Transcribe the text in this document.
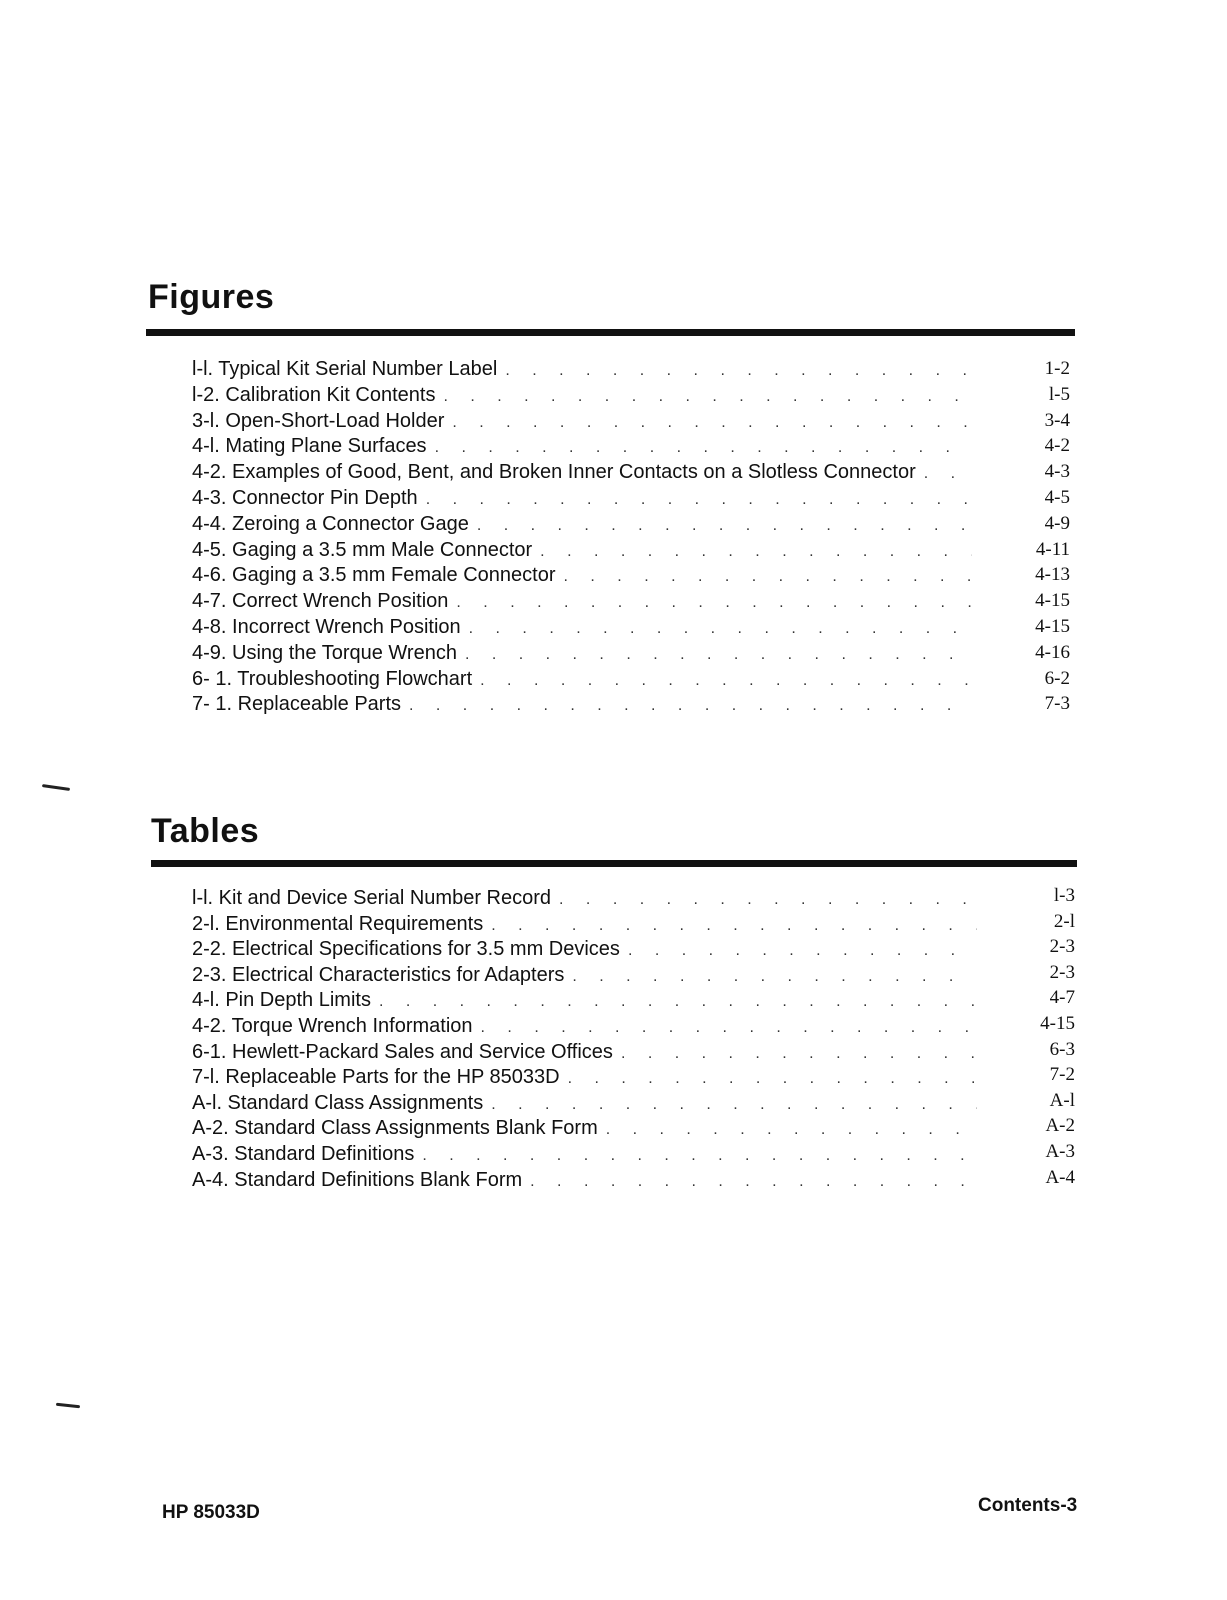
Figures
l-l. Typical Kit Serial Number Label
. . .
l-2. Calibration Kit Contents
. . .
3-l. Open-Short-Load Holder
. . .
4-l. Mating Plane Surfaces
. . .
4-2. Examples of Good, Bent, and Broken Inner Contacts on a Slotless Connector
. . .
4-3. Connector Pin Depth
. . .
4-4. Zeroing a Connector Gage
. . .
4-5. Gaging a 3.5 mm Male Connector
. . .
4-6. Gaging a 3.5 mm Female Connector
. . .
4-7. Correct Wrench Position
. . .
4-8. Incorrect Wrench Position
. . .
4-9. Using the Torque Wrench
. . .
6- 1. Troubleshooting Flowchart
. . .
7- 1. Replaceable Parts
. . .
1-2
l-5
3-4
4-2
4-3
4-5
4-9
4-11
4-13
4-15
4-15
4-16
6-2
7-3
Tables
l-l. Kit and Device Serial Number Record
. . .
2-l. Environmental Requirements
. . .
2-2. Electrical Specifications for 3.5 mm Devices
. . .
2-3. Electrical Characteristics for Adapters
. . .
4-l. Pin Depth Limits
. . .
4-2. Torque Wrench Information
. . .
6-1. Hewlett-Packard Sales and Service Offices
. . .
7-l. Replaceable Parts for the HP 85033D
. . .
A-l. Standard Class Assignments
. . .
A-2. Standard Class Assignments Blank Form
. . .
A-3. Standard Definitions
. . .
A-4. Standard Definitions Blank Form
. . .
l-3
2-l
2-3
2-3
4-7
4-15
6-3
7-2
A-l
A-2
A-3
A-4
HP 85033D	Contents-3
